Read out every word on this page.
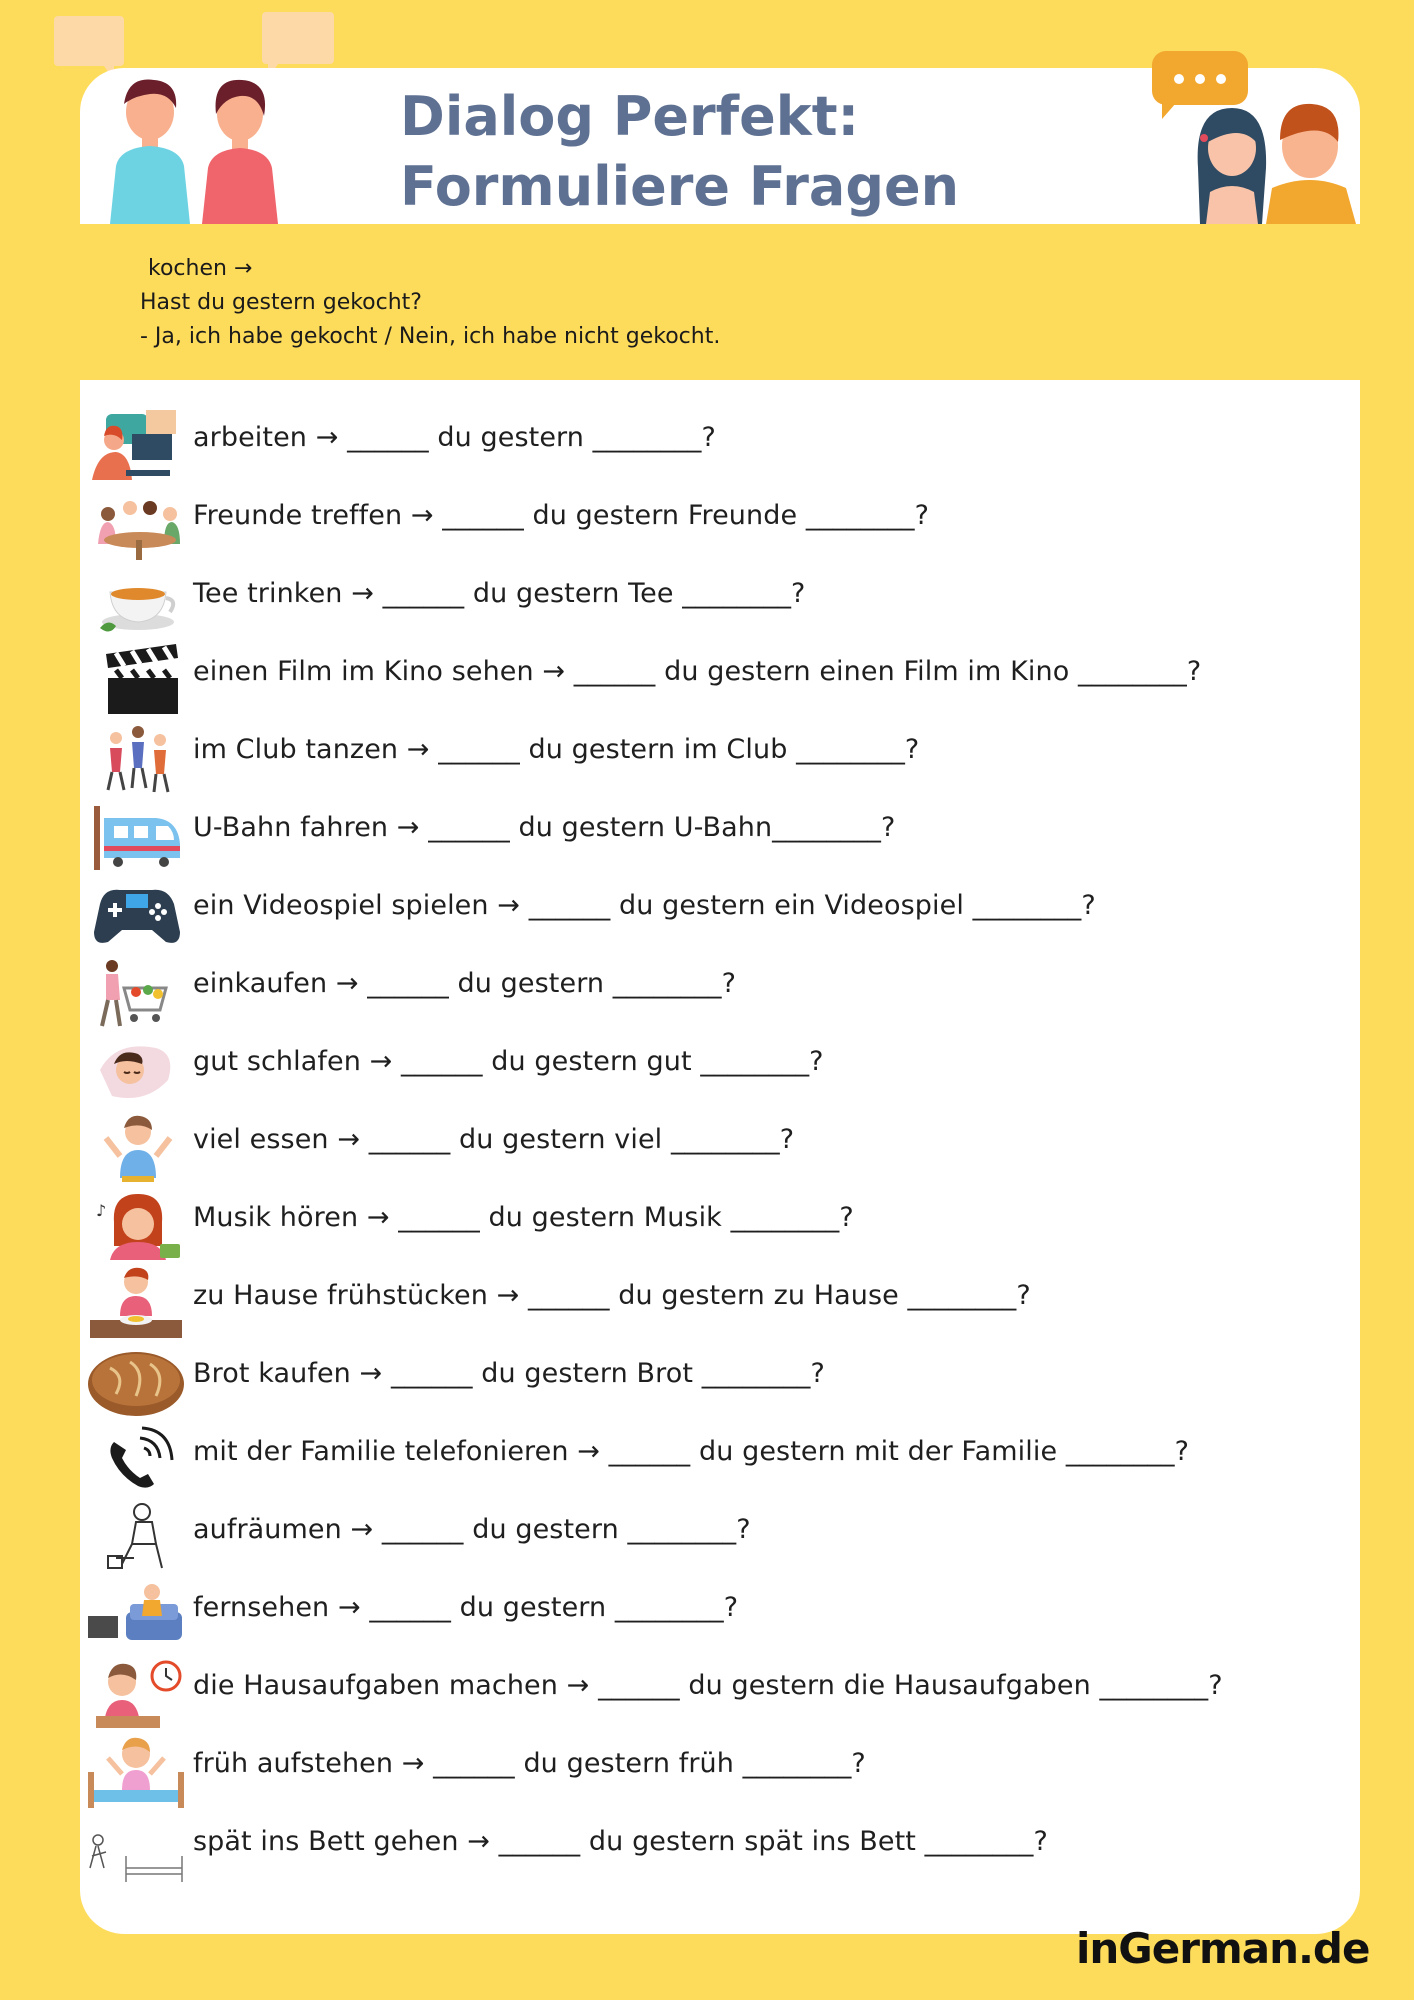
Dialog Perfekt:
Formuliere Fragen
kochen →
Hast du gestern gekocht?
- Ja, ich habe gekocht / Nein, ich habe nicht gekocht.
arbeiten → ______ du gestern ________?
Freunde treffen → ______ du gestern Freunde ________?
Tee trinken → ______ du gestern Tee ________?
einen Film im Kino sehen → ______ du gestern einen Film im Kino ________?
im Club tanzen → ______ du gestern im Club ________?
U-Bahn fahren → ______ du gestern U-Bahn________?
ein Videospiel spielen → ______ du gestern ein Videospiel ________?
einkaufen → ______ du gestern ________?
gut schlafen → ______ du gestern gut ________?
viel essen → ______ du gestern viel ________?
♪	Musik hören → ______ du gestern Musik ________?
zu Hause frühstücken → ______ du gestern zu Hause ________?
Brot kaufen → ______ du gestern Brot ________?
mit der Familie telefonieren → ______ du gestern mit der Familie ________?
aufräumen → ______ du gestern ________?
fernsehen → ______ du gestern ________?
die Hausaufgaben machen → ______ du gestern die Hausaufgaben ________?
früh aufstehen → ______ du gestern früh ________?
spät ins Bett gehen → ______ du gestern spät ins Bett ________?
inGerman.de
